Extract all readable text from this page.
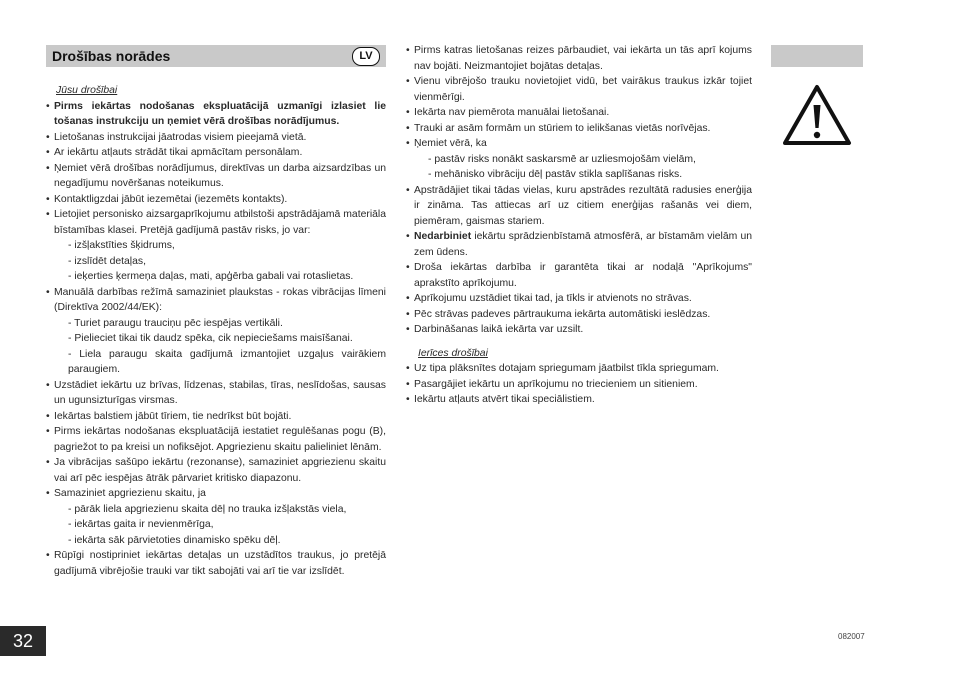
Drošības norādes	LV
Jūsu drošībai
• Pirms iekārtas nodošanas ekspluatācijā uzmanīgi izlasiet lie tošanas instrukciju un ņemiet vērā drošības norādījumus.

• Lietošanas instrukcijai jāatrodas visiem pieejamā vietā.

• Ar iekārtu atļauts strādāt tikai apmācītam personālam.

• Ņemiet vērā drošības norādījumus, direktīvas un darba aizsardzības un negadījumu novēršanas noteikumus.

• Kontaktligzdai jābūt iezemētai (iezemēts kontakts).

• Lietojiet personisko aizsargaprīkojumu atbilstoši apstrādājamā materiāla bīstamības klasei. Pretējā gadījumā pastāv risks, jo var:

- izšļakstīties šķidrums,
- izslīdēt detaļas,
- ieķerties ķermeņa daļas, mati, apģērba gabali vai rotaslietas.
• Manuālā darbības režīmā samaziniet plaukstas - rokas vibrācijas līmeni (Direktīva 2002/44/EK):

- Turiet paraugu trauciņu pēc iespējas vertikāli.
- Pielieciet tikai tik daudz spēka, cik nepieciešams maisīšanai.
- Liela paraugu skaita gadījumā izmantojiet uzgaļus vairākiem paraugiem.
• Uzstādiet iekārtu uz brīvas, līdzenas, stabilas, tīras, neslīdošas, sausas un ugunsizturīgas virsmas.

• Iekārtas balstiem jābūt tīriem, tie nedrīkst būt bojāti.

• Pirms iekārtas nodošanas ekspluatācijā iestatiet regulēšanas pogu (B), pagriežot to pa kreisi un nofiksējot. Apgriezienu skaitu palieliniet lēnām.

• Ja vibrācijas sašūpo iekārtu (rezonanse), samaziniet apgriezienu skaitu vai arī pēc iespējas ātrāk pārvariet kritisko diapazonu.

• Samaziniet apgriezienu skaitu, ja

- pārāk liela apgriezienu skaita dēļ no trauka izšļakstās viela,
- iekārtas gaita ir nevienmērīga,
- iekārta sāk pārvietoties dinamisko spēku dēļ.
• Rūpīgi nostipriniet iekārtas detaļas un uzstādītos traukus, jo pretējā gadījumā vibrējošie trauki var tikt sabojāti vai arī tie var izslīdēt.

• Pirms katras lietošanas reizes pārbaudiet, vai iekārta un tās aprī kojums nav bojāti. Neizmantojiet bojātas detaļas.

• Vienu vibrējošo trauku novietojiet vidū, bet vairākus traukus izkār tojiet vienmērīgi.

• Iekārta nav piemērota manuālai lietošanai.

• Trauki ar asām formām un stūriem to ielikšanas vietās norīvējas.

• Ņemiet vērā, ka

- pastāv risks nonākt saskarsmē ar uzliesmojošām vielām,
- mehānisko vibrāciju dēļ pastāv stikla saplīšanas risks.
• Apstrādājiet tikai tādas vielas, kuru apstrādes rezultātā radusies enerģija ir zināma. Tas attiecas arī uz citiem enerģijas rašanās vei diem, piemēram, gaismas stariem.

• Nedarbiniet iekārtu sprādzienbīstamā atmosfērā, ar bīstamām vielām un zem ūdens.

• Droša iekārtas darbība ir garantēta tikai ar nodaļā "Aprīkojums" aprakstīto aprīkojumu.

• Aprīkojumu uzstādiet tikai tad, ja tīkls ir atvienots no strāvas.

• Pēc strāvas padeves pārtraukuma iekārta automātiski ieslēdzas.

• Darbināšanas laikā iekārta var uzsilt.

Ierīces drošībai
• Uz tipa plāksnītes dotajam spriegumam jāatbilst tīkla spriegumam.

• Pasargājiet iekārtu un aprīkojumu no triecieniem un sitieniem.

• Iekārtu atļauts atvērt tikai speciālistiem.

32	082007
